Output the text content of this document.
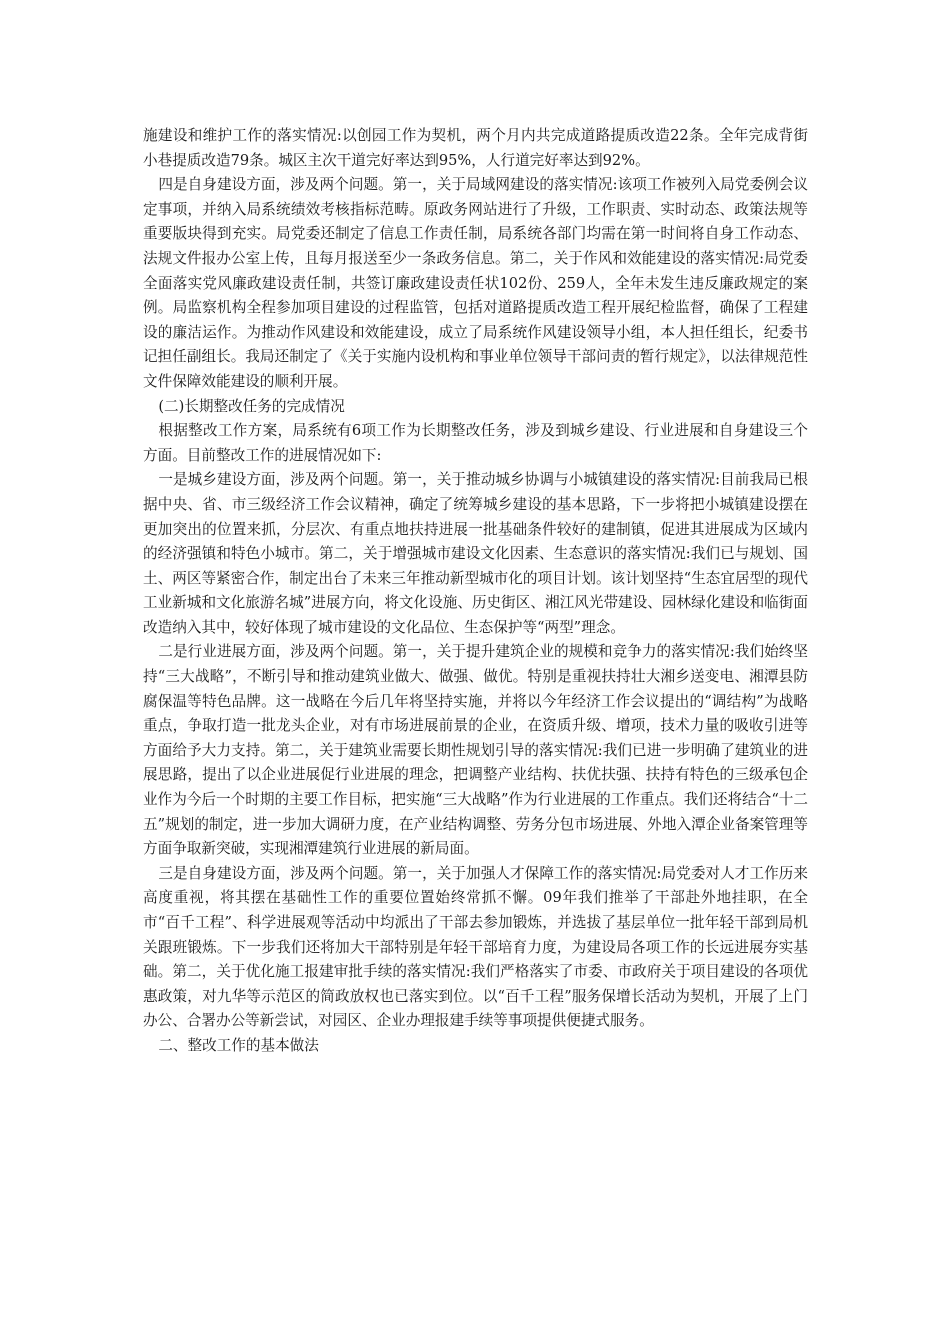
施建设和维护工作的落实情况:以创园工作为契机，两个月内共完成道路提质改造22条。全年完成背街小巷提质改造79条。城区主次干道完好率达到95%，人行道完好率达到92%。

四是自身建设方面，涉及两个问题。第一，关于局域网建设的落实情况:该项工作被列入局党委例会议定事项，并纳入局系统绩效考核指标范畴。原政务网站进行了升级，工作职责、实时动态、政策法规等重要版块得到充实。局党委还制定了信息工作责任制，局系统各部门均需在第一时间将自身工作动态、法规文件报办公室上传，且每月报送至少一条政务信息。第二，关于作风和效能建设的落实情况:局党委全面落实党风廉政建设责任制，共签订廉政建设责任状102份、259人，全年未发生违反廉政规定的案例。局监察机构全程参加项目建设的过程监管，包括对道路提质改造工程开展纪检监督，确保了工程建设的廉洁运作。为推动作风建设和效能建设，成立了局系统作风建设领导小组，本人担任组长，纪委书记担任副组长。我局还制定了《关于实施内设机构和事业单位领导干部问责的暂行规定》，以法律规范性文件保障效能建设的顺利开展。

(二)长期整改任务的完成情况

根据整改工作方案，局系统有6项工作为长期整改任务，涉及到城乡建设、行业进展和自身建设三个方面。目前整改工作的进展情况如下:

一是城乡建设方面，涉及两个问题。第一，关于推动城乡协调与小城镇建设的落实情况:目前我局已根据中央、省、市三级经济工作会议精神，确定了统筹城乡建设的基本思路，下一步将把小城镇建设摆在更加突出的位置来抓，分层次、有重点地扶持进展一批基础条件较好的建制镇，促进其进展成为区域内的经济强镇和特色小城市。第二，关于增强城市建设文化因素、生态意识的落实情况:我们已与规划、国土、两区等紧密合作，制定出台了未来三年推动新型城市化的项目计划。该计划坚持“生态宜居型的现代工业新城和文化旅游名城”进展方向，将文化设施、历史街区、湘江风光带建设、园林绿化建设和临街面改造纳入其中，较好体现了城市建设的文化品位、生态保护等“两型”理念。

二是行业进展方面，涉及两个问题。第一，关于提升建筑企业的规模和竞争力的落实情况:我们始终坚持“三大战略”，不断引导和推动建筑业做大、做强、做优。特别是重视扶持壮大湘乡送变电、湘潭县防腐保温等特色品牌。这一战略在今后几年将坚持实施，并将以今年经济工作会议提出的“调结构”为战略重点，争取打造一批龙头企业，对有市场进展前景的企业，在资质升级、增项，技术力量的吸收引进等方面给予大力支持。第二，关于建筑业需要长期性规划引导的落实情况:我们已进一步明确了建筑业的进展思路，提出了以企业进展促行业进展的理念，把调整产业结构、扶优扶强、扶持有特色的三级承包企业作为今后一个时期的主要工作目标，把实施“三大战略”作为行业进展的工作重点。我们还将结合“十二五”规划的制定，进一步加大调研力度，在产业结构调整、劳务分包市场进展、外地入潭企业备案管理等方面争取新突破，实现湘潭建筑行业进展的新局面。

三是自身建设方面，涉及两个问题。第一，关于加强人才保障工作的落实情况:局党委对人才工作历来高度重视，将其摆在基础性工作的重要位置始终常抓不懈。09年我们推举了干部赴外地挂职，在全市“百千工程”、科学进展观等活动中均派出了干部去参加锻炼，并选拔了基层单位一批年轻干部到局机关跟班锻炼。下一步我们还将加大干部特别是年轻干部培育力度，为建设局各项工作的长远进展夯实基础。第二，关于优化施工报建审批手续的落实情况:我们严格落实了市委、市政府关于项目建设的各项优惠政策，对九华等示范区的简政放权也已落实到位。以“百千工程”服务保增长活动为契机，开展了上门办公、合署办公等新尝试，对园区、企业办理报建手续等事项提供便捷式服务。

二、整改工作的基本做法
